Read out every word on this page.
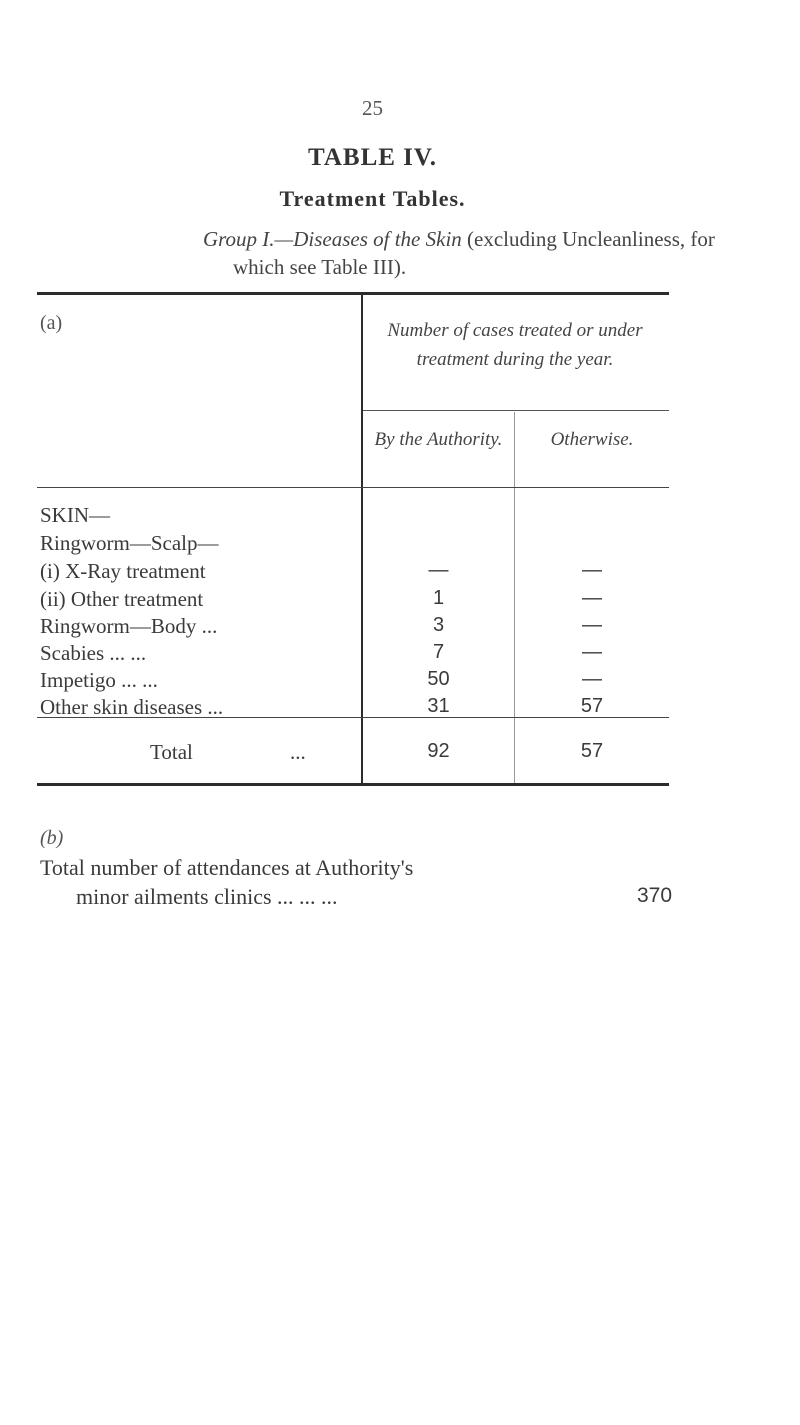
25
TABLE IV.
Treatment Tables.
Group I.—Diseases of the Skin (excluding Uncleanliness, for which see Table III).
(a)	Number of cases treated or under treatment during the year.
By the Authority.	Otherwise.
SKIN—
Ringworm—Scalp—
(i) X-Ray treatment	—	—
(ii) Other treatment	1	—
Ringworm—Body ...	3	—
Scabies ... ...	7	—
Impetigo ... ...	50	—
Other skin diseases ...	31	57
Total	...	92	57
(b)
Total number of attendances at Authority's
minor ailments clinics ... ... ...	370
